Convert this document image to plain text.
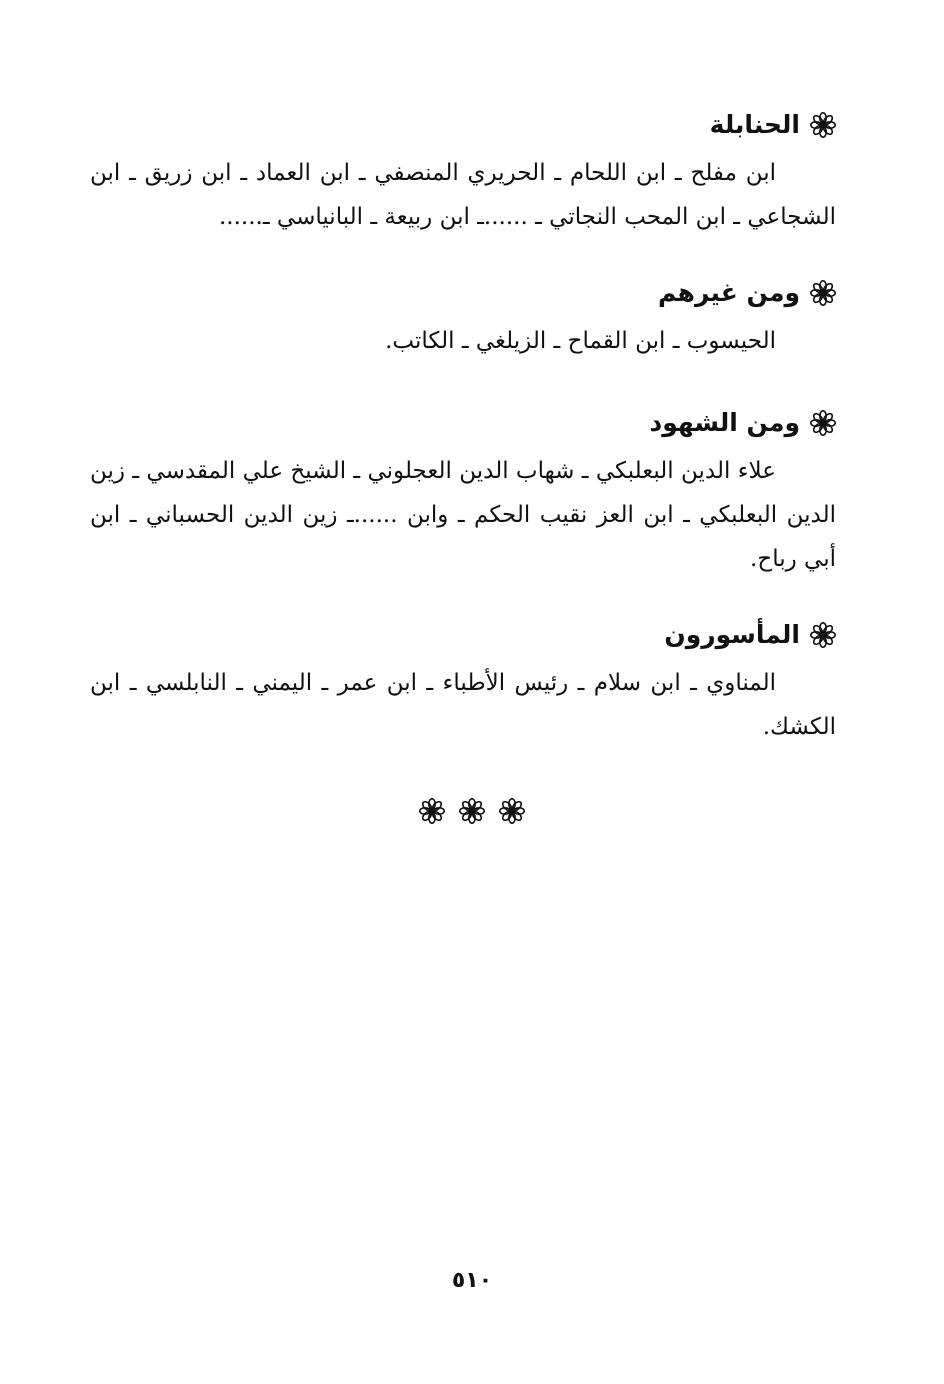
الحنابلة

ابن مفلح ـ ابن اللحام ـ الحريري المنصفي ـ ابن العماد ـ ابن زريق ـ ابن الشجاعي ـ ابن المحب النجاتي ـ ......ـ ابن ربيعة ـ البانياسي ـ......

ومن غيرهم

الحيسوب ـ ابن القماح ـ الزيلغي ـ الكاتب.

ومن الشهود

علاء الدين البعلبكي ـ شهاب الدين العجلوني ـ الشيخ علي المقدسي ـ زين الدين البعلبكي ـ ابن العز نقيب الحكم ـ وابن ......ـ زين الدين الحسباني ـ ابن أبي رباح.

المأسورون

المناوي ـ ابن سلام ـ رئيس الأطباء ـ ابن عمر ـ اليمني ـ النابلسي ـ ابن الكشك.

٥١٠
